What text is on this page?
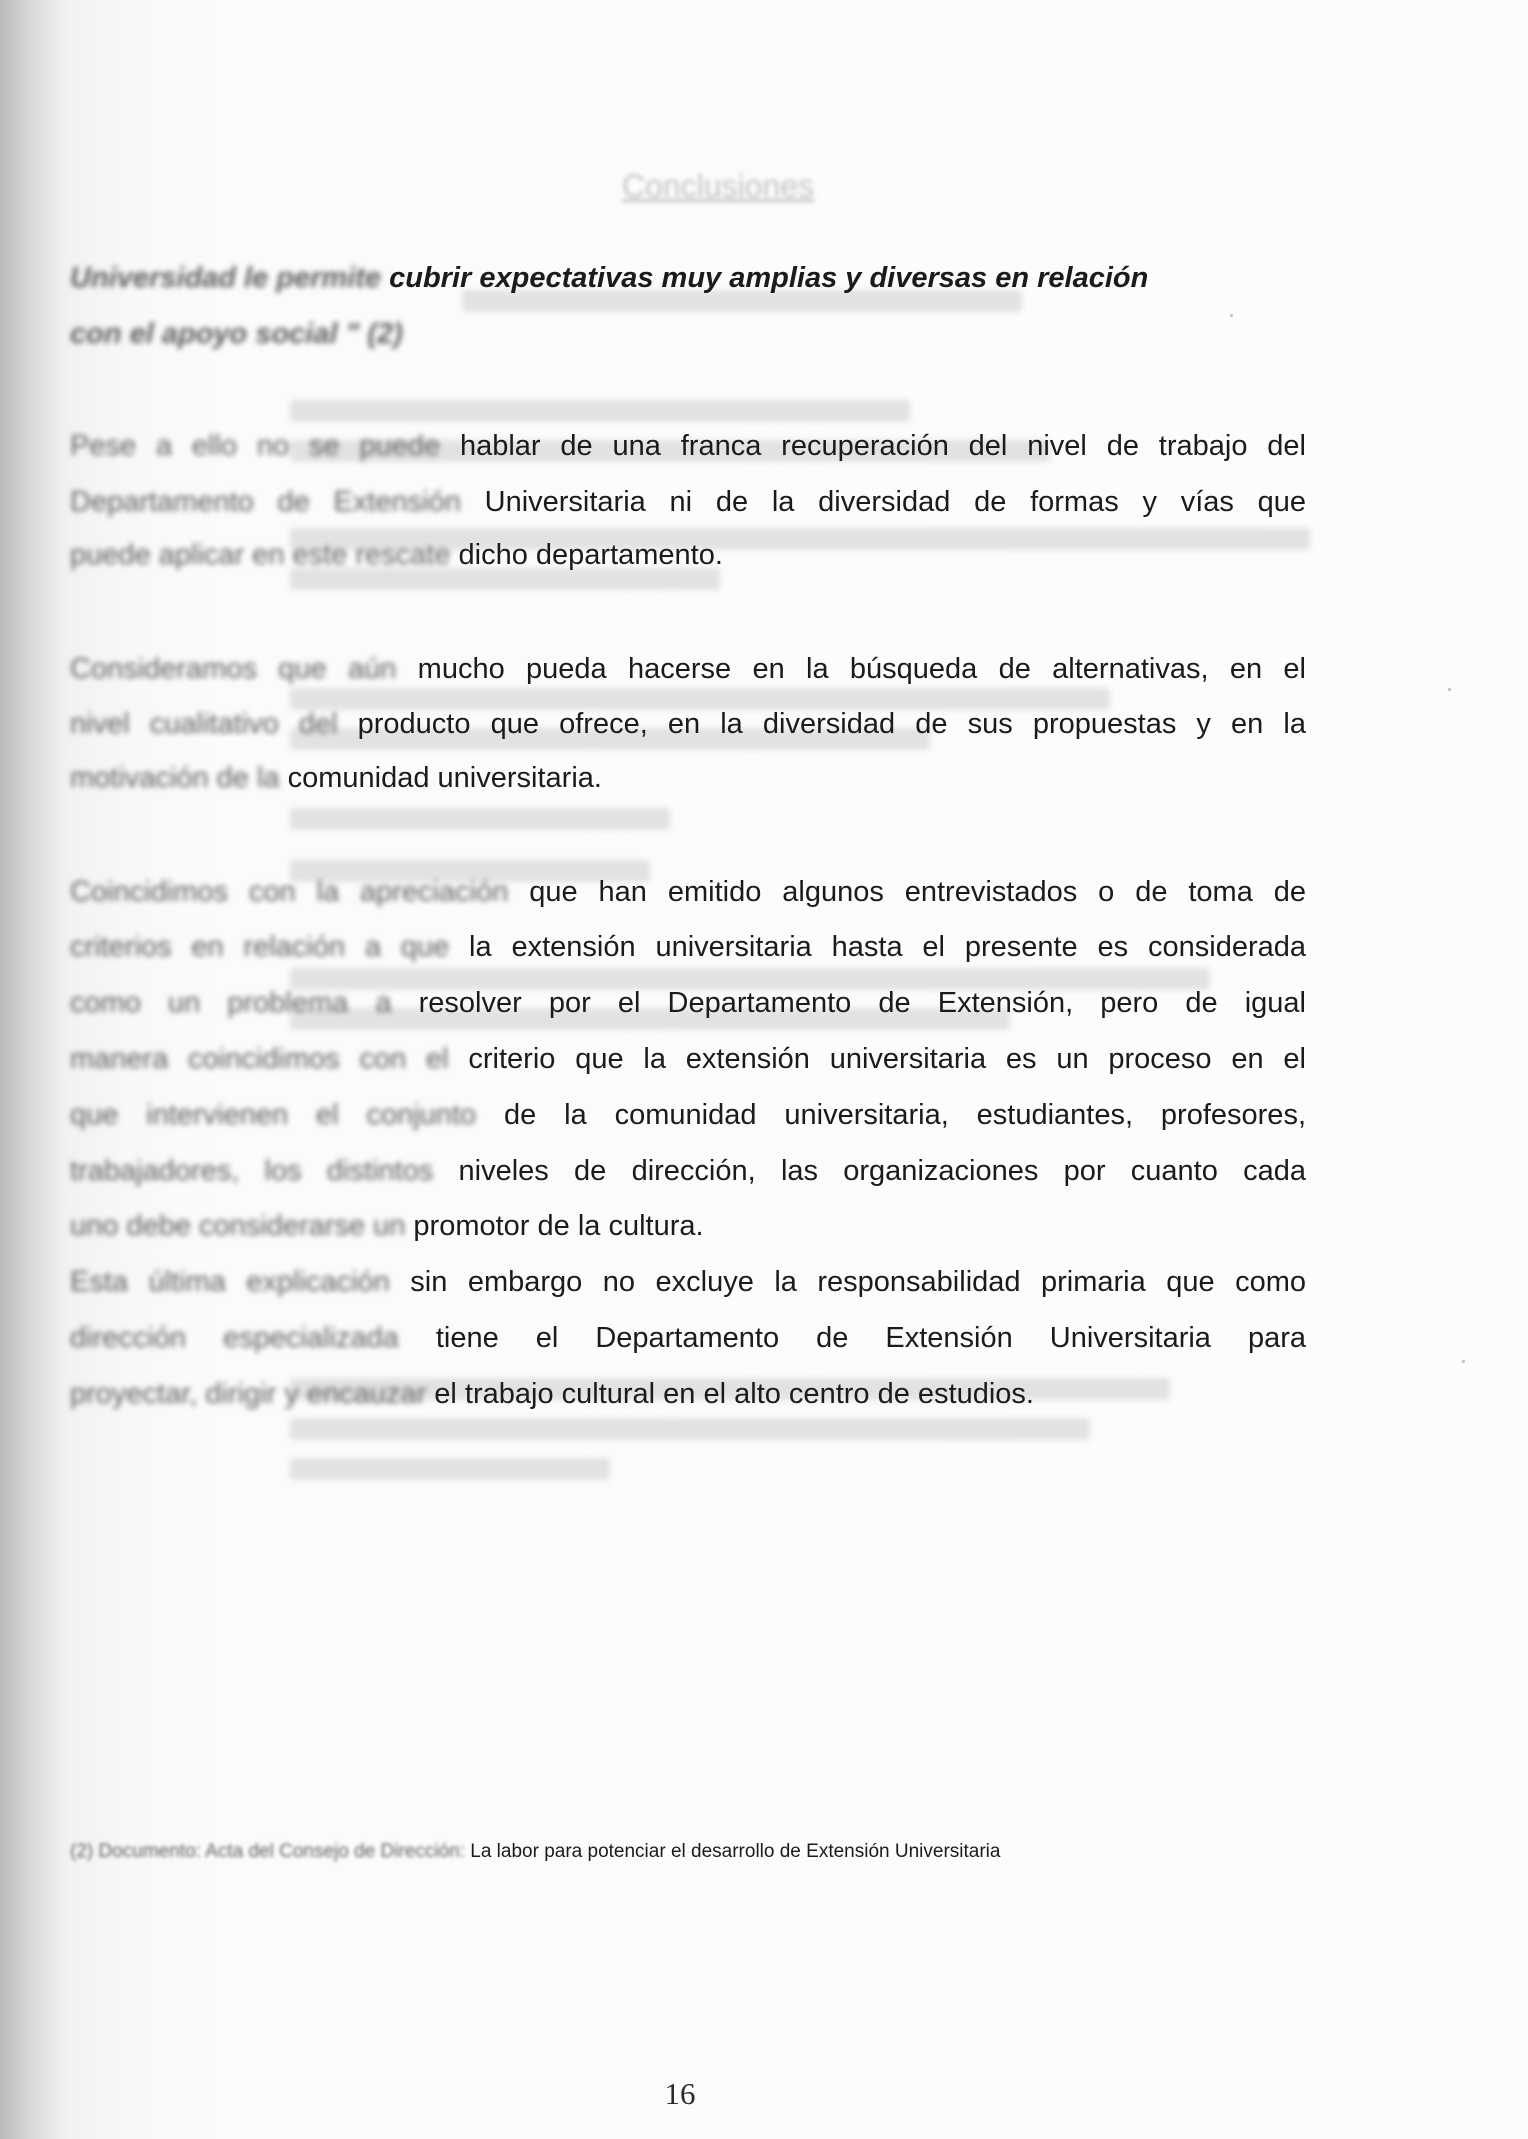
Conclusiones
Universidad le permite cubrir expectativas muy amplias y diversas en relación
con el apoyo social " (2)
Pese a ello no se puede hablar de una franca recuperación del nivel de trabajo del
Departamento de Extensión Universitaria ni de la diversidad de formas y vías que
puede aplicar en este rescate dicho departamento.
Consideramos que aún mucho pueda hacerse en la búsqueda de alternativas, en el
nivel cualitativo del producto que ofrece, en la diversidad de sus propuestas y en la
motivación de la comunidad universitaria.
Coincidimos con la apreciación que han emitido algunos entrevistados o de toma de
criterios en relación a que la extensión universitaria hasta el presente es considerada
como un problema a resolver por el Departamento de Extensión, pero de igual
manera coincidimos con el criterio que la extensión universitaria es un proceso en el
que intervienen el conjunto de la comunidad universitaria, estudiantes, profesores,
trabajadores, los distintos niveles de dirección, las organizaciones por cuanto cada
uno debe considerarse un promotor de la cultura.
Esta última explicación sin embargo no excluye la responsabilidad primaria que como
dirección especializada tiene el Departamento de Extensión Universitaria para
proyectar, dirigir y encauzar el trabajo cultural en el alto centro de estudios.
(2) Documento: Acta del Consejo de Dirección: La labor para potenciar el desarrollo de Extensión Universitaria
16
